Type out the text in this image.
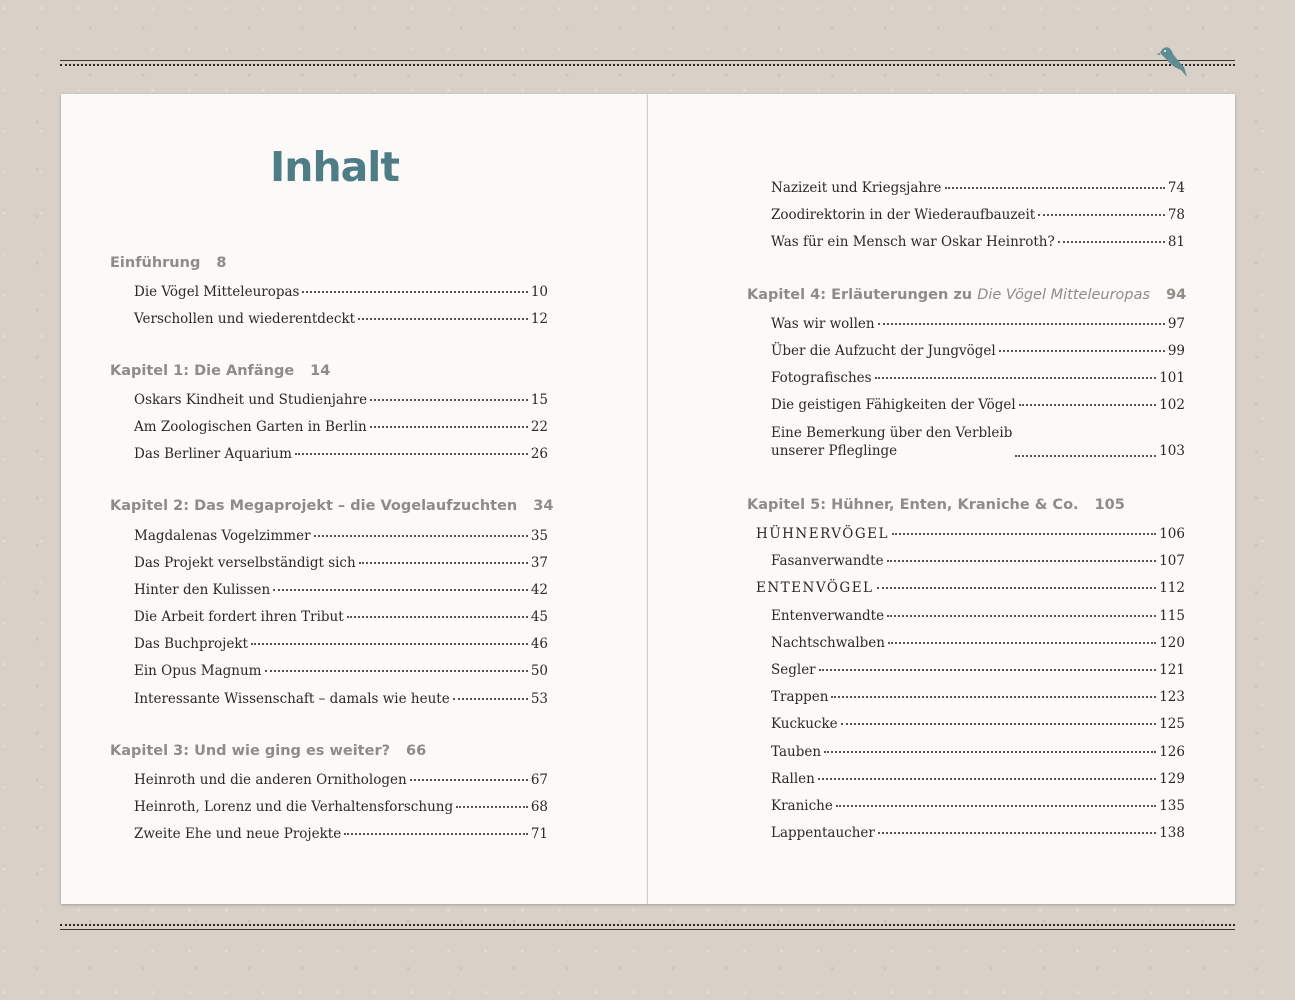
Inhalt
Einführung 8
Die Vögel Mitteleuropas	10
Verschollen und wiederentdeckt	12
Kapitel 1: Die Anfänge 14
Oskars Kindheit und Studienjahre	15
Am Zoologischen Garten in Berlin	22
Das Berliner Aquarium	26
Kapitel 2: Das Megaprojekt – die Vogelaufzuchten 34
Magdalenas Vogelzimmer	35
Das Projekt verselbständigt sich	37
Hinter den Kulissen	42
Die Arbeit fordert ihren Tribut	45
Das Buchprojekt	46
Ein Opus Magnum	50
Interessante Wissenschaft – damals wie heute	53
Kapitel 3: Und wie ging es weiter? 66
Heinroth und die anderen Ornithologen	67
Heinroth, Lorenz und die Verhaltensforschung	68
Zweite Ehe und neue Projekte	71
Nazizeit und Kriegsjahre	74
Zoodirektorin in der Wiederaufbauzeit	78
Was für ein Mensch war Oskar Heinroth?	81
Kapitel 4: Erläuterungen zu Die Vögel Mitteleuropas 94
Was wir wollen	97
Über die Aufzucht der Jungvögel	99
Fotografisches	101
Die geistigen Fähigkeiten der Vögel	102
Eine Bemerkung über den Verbleib
unserer Pfleglinge	103
Kapitel 5: Hühner, Enten, Kraniche & Co. 105
HÜHNERVÖGEL	106
Fasanverwandte	107
ENTENVÖGEL	112
Entenverwandte	115
Nachtschwalben	120
Segler	121
Trappen	123
Kuckucke	125
Tauben	126
Rallen	129
Kraniche	135
Lappentaucher	138
